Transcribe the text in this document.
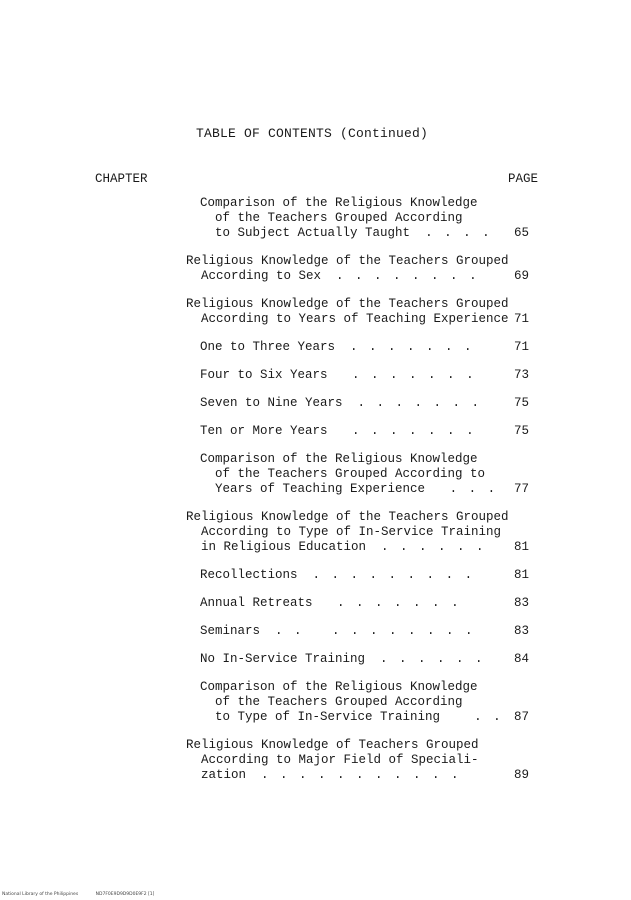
TABLE OF CONTENTS (Continued)
CHAPTER	PAGE
Comparison of the Religious Knowledge
of the Teachers Grouped According
to Subject Actually Taught . . . .	65
Religious Knowledge of the Teachers Grouped
According to Sex . . . . . . . .	69
Religious Knowledge of the Teachers Grouped
According to Years of Teaching Experience 71
One to Three Years . . . . . . .	71
Four to Six Years   . . . . . . .	73
Seven to Nine Years . . . . . . .	75
Ten or More Years   . . . . . . .	75
Comparison of the Religious Knowledge
of the Teachers Grouped According to
Years of Teaching Experience   . . .	77
Religious Knowledge of the Teachers Grouped
According to Type of In-Service Training
in Religious Education . . . . . .	81
Recollections . . . . . . . . .	81
Annual Retreats   . . . . . . .	83
Seminars . .   . . . . . . . .	83
No In-Service Training . . . . . .	84
Comparison of the Religious Knowledge
of the Teachers Grouped According
to Type of In-Service Training    . . 87
Religious Knowledge of Teachers Grouped
According to Major Field of Speciali-
zation . . . . . . . . . . .	89
National Library of the Philippines	ND7F0E9D9D9D0E9F2 [1]
